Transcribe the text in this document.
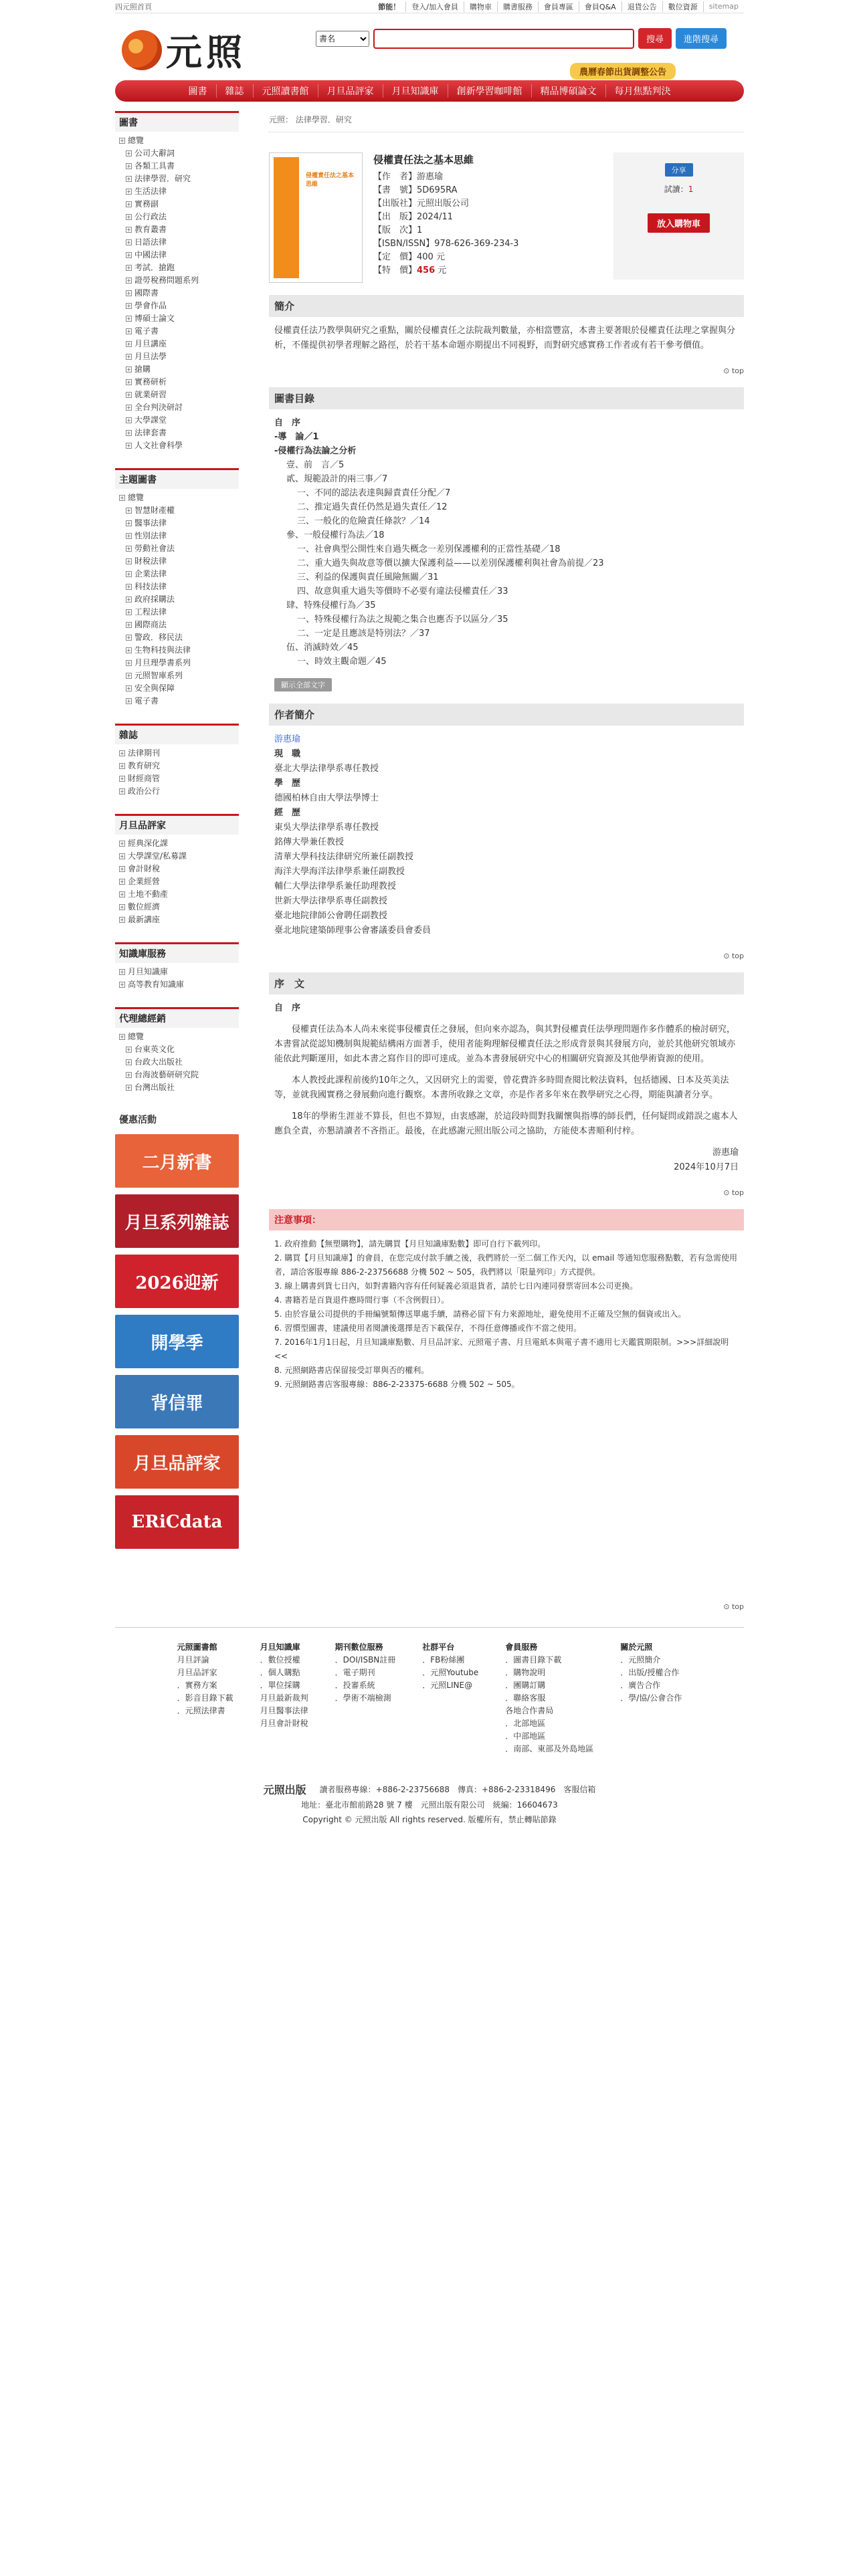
四元照首頁	節能！	登入/加入會員	購物車	購書服務	會員專區	會員Q&A	退貨公告	數位資源	sitemap
元照
書名	搜尋	進階搜尋
農曆春節出貨調整公告
圖書	雜誌	元照讀書館	月旦品評家	月旦知識庫	創新學習咖啡館	精品博碩論文	每月焦點判決
圖書
+ 總覽
+ 公司大辭詞
+ 各類工具書
+ 法律學習．研究
+ 生活法律
+ 實務副
+ 公行政法
+ 教育叢書
+ 日語法律
+ 中國法律
+ 考試．搶跑
+ 證勞稅務問題系列
+ 國際書
+ 學會作品
+ 博碩士論文
+ 電子書
+ 月旦講座
+ 月旦法學
+ 搶購
+ 實務研析
+ 就業研習
+ 全台判決研討
+ 大學課堂
+ 法律套書
+ 人文社會科學
主題圖書
+ 總覽
+ 智慧財產權
+ 醫事法律
+ 性別法律
+ 勞動社會法
+ 財稅法律
+ 企業法律
+ 科技法律
+ 政府採購法
+ 工程法律
+ 國際商法
+ 警政．移民法
+ 生物科技與法律
+ 月旦理學書系列
+ 元照智庫系列
+ 安全與保障
+ 電子書
雜誌
+ 法律期刊
+ 教育研究
+ 財經商管
+ 政治公行
月旦品評家
+ 經典深化課
+ 大學課堂/私募課
+ 會計財稅
+ 企業經營
+ 土地不動產
+ 數位經濟
+ 最新講座
知識庫服務
+ 月旦知識庫
+ 高等教育知識庫
代理總經銷
+ 總覽
+ 台東英文化
+ 台政大出版社
+ 台海波藝研研究院
+ 台灣出版社
優惠活動
二月新書
月旦系列雜誌
2026迎新
開學季
背信罪
月旦品評家
ERiCdata
元照： 法律學習．研究
侵權責任法之基本思維
侵權責任法之基本思維
【作　者】游惠瑜
【書　號】5D695RA
【出版社】元照出版公司
【出　版】2024/11
【版　次】1
【ISBN/ISSN】978-626-369-234-3
【定　價】400 元
【特　價】456 元
分享
試讀：1
放入購物車
簡介
侵權責任法乃教學與研究之重點，關於侵權責任之法院裁判數量，亦相當豐富，本書主要著眼於侵權責任法理之掌握與分析，不僅提供初學者理解之路徑，於若干基本命題亦期提出不同視野，而對研究感實務工作者或有若干參考價值。
⊙ top
圖書目錄
自　序
-導　論／1
-侵權行為法論之分析
壹、前　言／5
貳、規範設計的兩三事／7
一、不同的認法表達與歸責責任分配／7
二、推定過失責任仍然是過失責任／12
三、一般化的危險責任條款？／14
參、一般侵權行為法／18
一、社會典型公開性來自過失概念一差別保護權利的正當性基礎／18
二、重大過失與故意等價以擴大保護利益——以差別保護權利與社會為前提／23
三、利益的保護與責任風險無關／31
四、故意與重大過失等價時不必要有違法侵權責任／33
肆、特殊侵權行為／35
一、特殊侵權行為法之規範之集合也應否予以區分／35
二、一定是且應該是特別法？／37
伍、消滅時效／45
一、時效主觀命題／45
顯示全部文字
作者簡介
游惠瑜
現　職
臺北大學法律學系專任教授
學　歷
德國柏林自由大學法學博士
經　歷
東吳大學法律學系專任教授
銘傳大學兼任教授
清華大學科技法律研究所兼任副教授
海洋大學海洋法律學系兼任副教授
輔仁大學法律學系兼任助理教授
世新大學法律學系專任副教授
臺北地院律師公會聘任副教授
臺北地院建築師理事公會審議委員會委員
⊙ top
序　文
自　序

侵權責任法為本人尚未來從事侵權責任之發展，但向來亦認為，與其對侵權責任法學理問題作多作體系的檢討研究，本書嘗試從認知機制與規範結構兩方面著手，使用者能夠理解侵權責任法之形成背景與其發展方向，並於其他研究領域亦能依此判斷運用，如此本書之寫作目的即可達成。並為本書發展研究中心的相關研究資源及其他學術資源的使用。

本人教授此課程前後約10年之久，又因研究上的需要，曾花費許多時間查閱比較法資料，包括德國、日本及英美法等，並就我國實務之發展動向進行觀察。本書所收錄之文章，亦是作者多年來在教學研究之心得，期能與讀者分享。

18年的學術生涯並不算長，但也不算短，由衷感謝，於這段時間對我關懷與指導的師長們，任何疑問或錯誤之處本人應負全責，亦懇請讀者不吝指正。最後，在此感謝元照出版公司之協助，方能使本書順利付梓。

游惠瑜
2024年10月7日
⊙ top
注意事項：
1. 政府推動【無塑購物】，請先購買【月旦知識庫點數】即可自行下載列印。
2. 購買【月旦知識庫】的會員，在您完成付款手續之後，我們將於一至二個工作天內，以 email 等通知您服務點數，若有急需使用者，請洽客服專線 886-2-23756688 分機 502 ~ 505，我們將以「限量列印」方式提供。
3. 線上購書到貨七日內，如對書籍內容有任何疑義必須退貨者，請於七日內連同發票寄回本公司更換。
4. 書籍若是百貨退件應時間行事（不含例假日）。
5. 由於容量公司提供的手冊編號類傳送單處手續，請務必留下有力來源地址，避免使用不正確及空無的個資或出入。
6. 習慣型圖書，建議使用者閱讀後選擇是否下載保存，不得任意傳播或作不當之使用。
7. 2016年1月1日起，月旦知識庫點數、月旦品評家、元照電子書、月旦電紙本與電子書不適用七天鑑賞期限制。>>>詳細說明<<
8. 元照網路書店保留接受訂單與否的權利。
9. 元照網路書店客服專線：886-2-23375-6688 分機 502 ~ 505。
⊙ top
元照圖書館
月旦評論
月旦品評家
．實務方案
．影音目錄下載
．元照法律書
月旦知識庫
．數位授權
．個人購點
．單位採購
月旦最新裁判
月旦醫事法律
月旦會計財稅
期刊數位服務
．DOI/ISBN註冊
．電子期刊
．投審系統
．學術不端檢測
社群平台
．FB粉絲團
．元照Youtube
．元照LINE@
會員服務
．圖書目錄下載
．購物說明
．團購訂購
．聯絡客服
各地合作書局
．北部地區
．中部地區
．南部、東部及外島地區
關於元照
．元照簡介
．出版/授權合作
．廣告合作
．學/協/公會合作
元照出版 讀者服務專線：+886-2-23756688　傳真：+886-2-23318496　客服信箱
地址：臺北市館前路28 號 7 樓　元照出版有限公司　統編：16604673
Copyright © 元照出版 All rights reserved. 版權所有，禁止轉貼節錄
